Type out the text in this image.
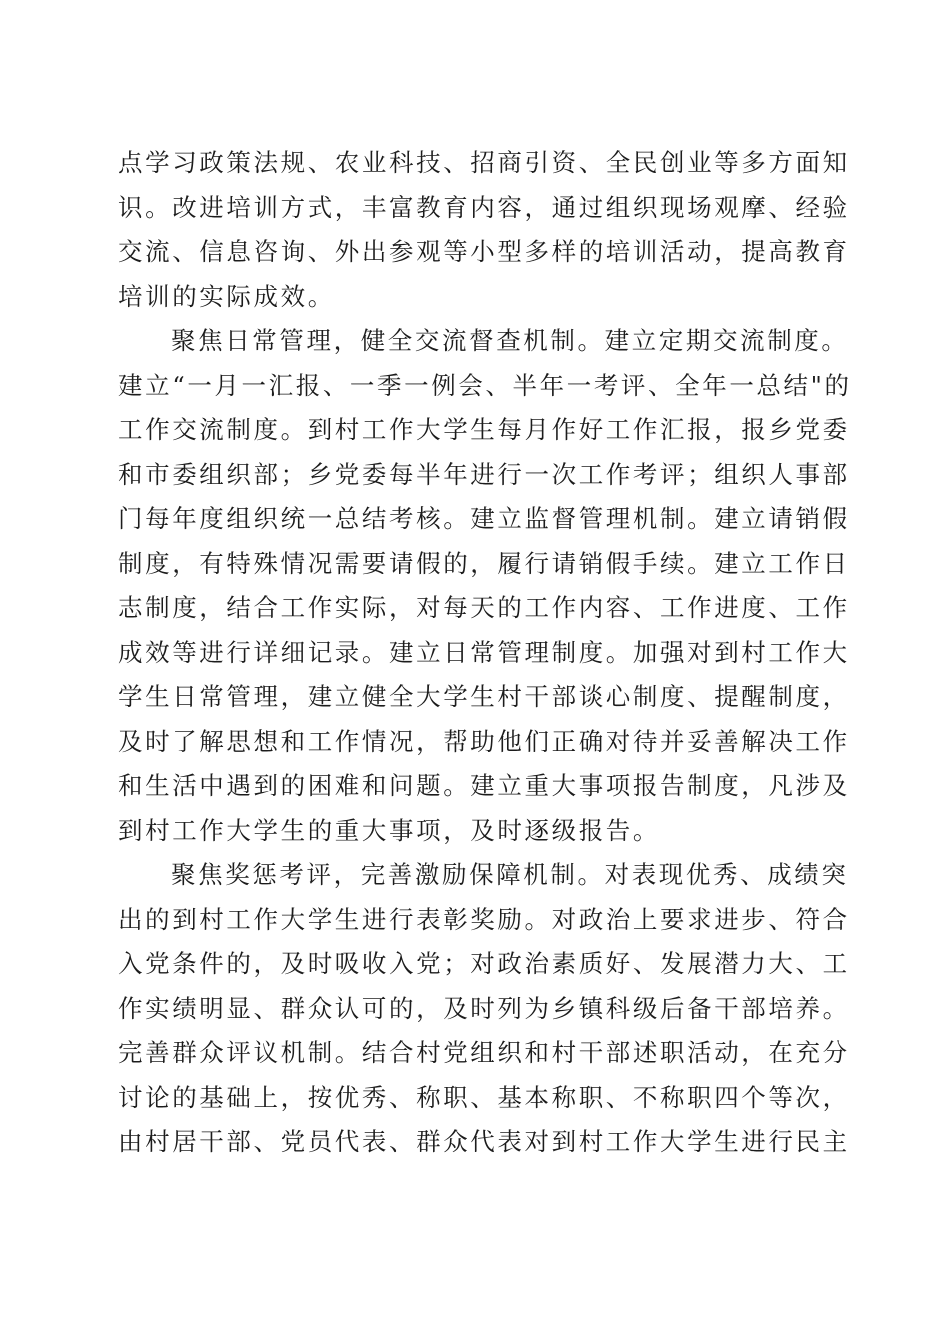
点学习政策法规、农业科技、招商引资、全民创业等多方面知
识。改进培训方式，丰富教育内容，通过组织现场观摩、经验
交流、信息咨询、外出参观等小型多样的培训活动，提高教育
培训的实际成效。
聚焦日常管理，健全交流督查机制。建立定期交流制度。
建立“一月一汇报、一季一例会、半年一考评、全年一总结"的
工作交流制度。到村工作大学生每月作好工作汇报，报乡党委
和市委组织部；乡党委每半年进行一次工作考评；组织人事部
门每年度组织统一总结考核。建立监督管理机制。建立请销假
制度，有特殊情况需要请假的，履行请销假手续。建立工作日
志制度，结合工作实际，对每天的工作内容、工作进度、工作
成效等进行详细记录。建立日常管理制度。加强对到村工作大
学生日常管理，建立健全大学生村干部谈心制度、提醒制度，
及时了解思想和工作情况，帮助他们正确对待并妥善解决工作
和生活中遇到的困难和问题。建立重大事项报告制度，凡涉及
到村工作大学生的重大事项，及时逐级报告。
聚焦奖惩考评，完善激励保障机制。对表现优秀、成绩突
出的到村工作大学生进行表彰奖励。对政治上要求进步、符合
入党条件的，及时吸收入党；对政治素质好、发展潜力大、工
作实绩明显、群众认可的，及时列为乡镇科级后备干部培养。
完善群众评议机制。结合村党组织和村干部述职活动，在充分
讨论的基础上，按优秀、称职、基本称职、不称职四个等次，
由村居干部、党员代表、群众代表对到村工作大学生进行民主
